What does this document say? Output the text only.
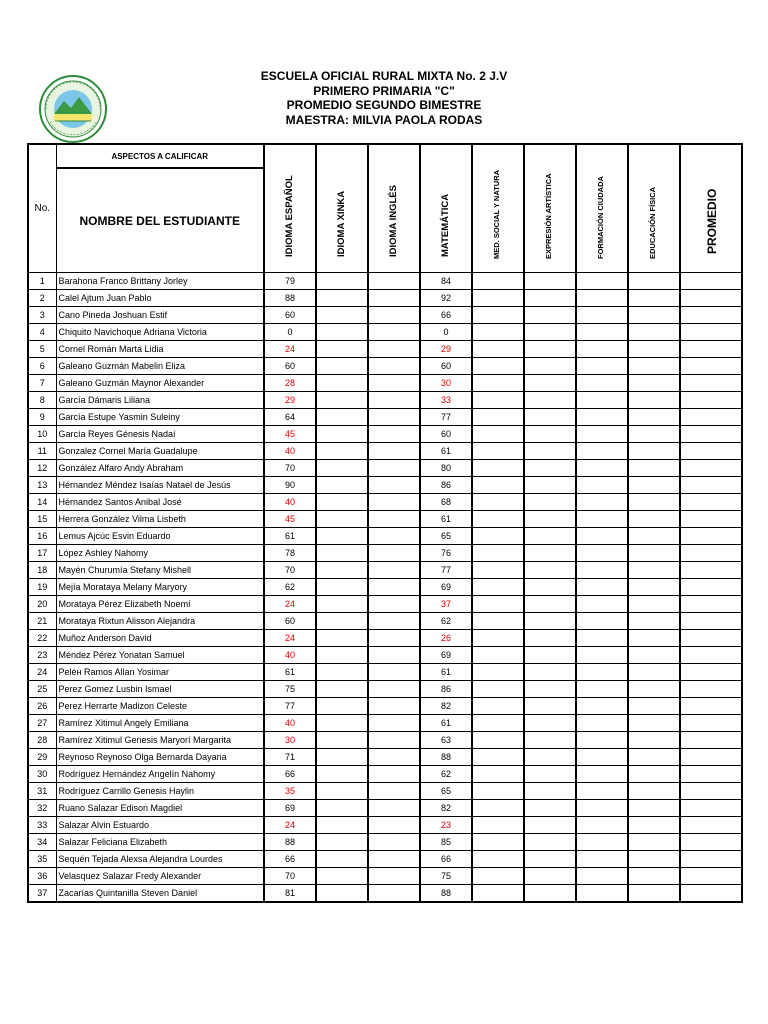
ESCUELA OFICIAL RURAL MIXTA No. 2 J.V
PRIMERO PRIMARIA "C"
PROMEDIO SEGUNDO BIMESTRE
MAESTRA: MILVIA PAOLA RODAS
No.	ASPECTOS A CALIFICAR	IDIOMA ESPAÑOL	IDIOMA XINKA	IDIOMA INGLÉS	MATEMÁTICA	MED. SOCIAL Y NATURA	EXPRESIÓN ARTÍSTICA	FORMACIÓN CIUDADA	EDUCACIÓN FÍSICA	PROMEDIO

	NOMBRE DEL ESTUDIANTE									
1	Barahona Franco Brittany Jorley	79			84					
2	Calel Ajtum Juan Pablo	88			92					
3	Cano Pineda Joshuan Estif	60			66					
4	Chiquito Navichoque Adriana Victoria	0			0					
5	Cornel Román Marta Lidia	24			29					
6	Galeano Guzmán Mabelin Eliza	60			60					
7	Galeano Guzmán Maynor Alexander	28			30					
8	García Dámaris Liliana	29			33					
9	García Estupe Yasmin Suleiny	64			77					
10	García Reyes Génesis Nadaí	45			60					
11	Gonzalez Cornel María Guadalupe	40			61					
12	González Alfaro Andy Abraham	70			80					
13	Hérnandez Méndez Isaías Natael de Jesús	90			86					
14	Hérnandez Santos Anibal José	40			68					
15	Herrera González Vilma Lisbeth	45			61					
16	Lemus Ajcúc Esvin Eduardo	61			65					
17	López Ashley Nahomy	78			76					
18	Mayén Churumía Stefany Mishell	70			77					
19	Mejía Morataya Melany Maryory	62			69					
20	Morataya Pérez Elizabeth Noemí	24			37					
21	Morataya Rixtun Alisson Alejandra	60			62					
22	Muñoz Anderson David	24			26					
23	Méndez Pérez Yonatan Samuel	40			69					
24	Peléн Ramos Allan Yosimar	61			61					
25	Perez Gomez Lusbin Ismael	75			86					
26	Perez Herrarte Madizon Celeste	77			82					
27	Ramírez Xitimul Angely Emiliana	40			61					
28	Ramírez Xitimul Genesis Maryorí Margarita	30			63					
29	Reynoso Reynoso Olga Bernarda Dayana	71			88					
30	Rodríguez Hernández Angelín Nahomy	66			62					
31	Rodríguez Carrillo Genesis Haylin	35			65					
32	Ruano Salazar Edison Magdiel	69			82					
33	Salazar Alvin Estuardo	24			23					
34	Salazar Feliciana Elizabeth	88			85					
35	Sequén Tejada Alexsa Alejandra Lourdes	66			66					
36	Velasquez Salazar Fredy Alexander	70			75					
37	Zacarías Quintanilla Steven Daniel	81			88					
